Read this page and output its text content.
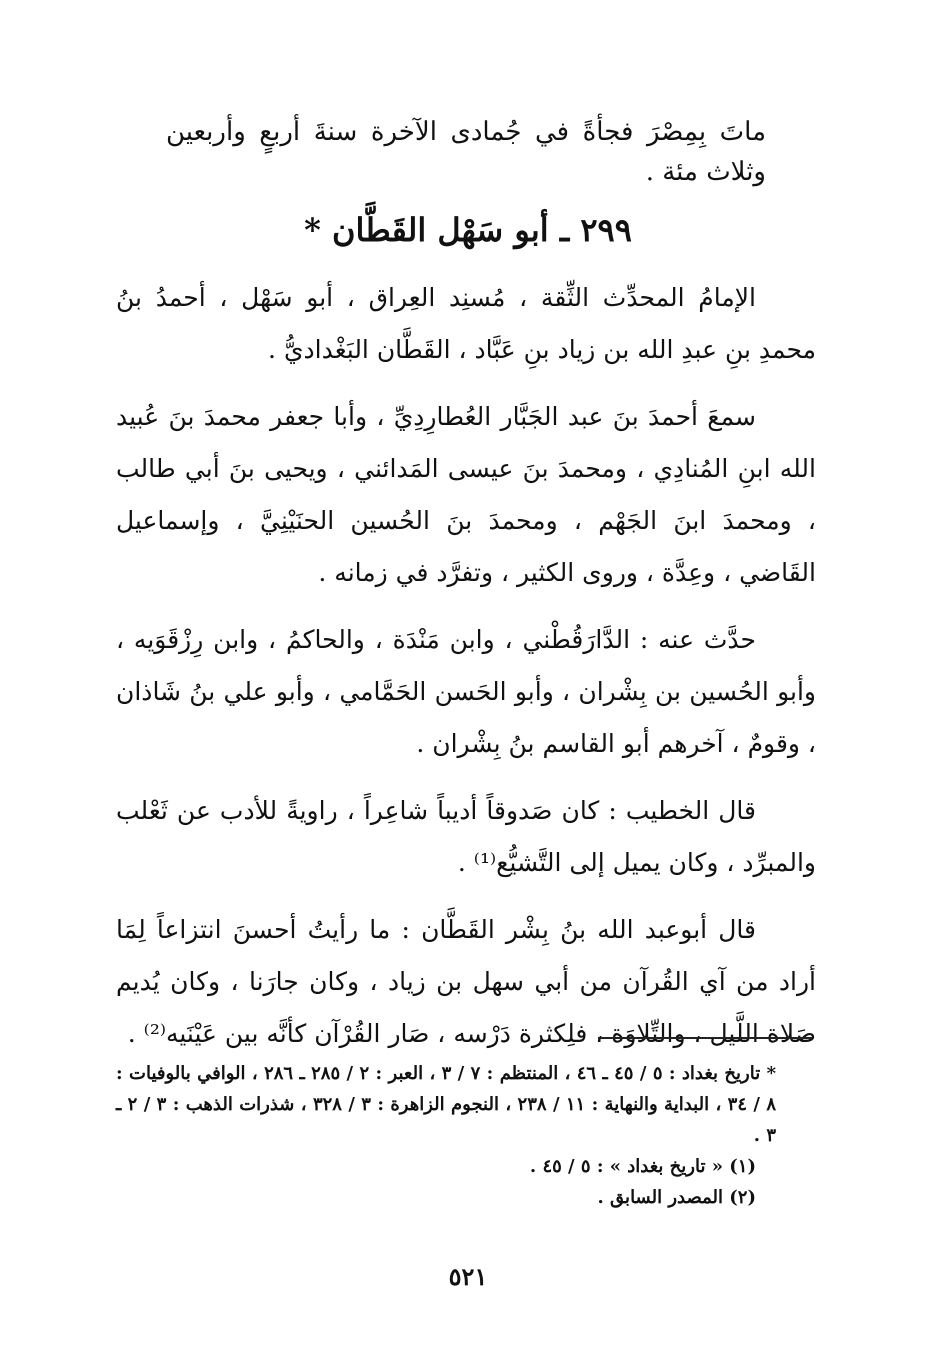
ماتَ بِمِصْرَ فجأةً في جُمادى الآخرة سنةَ أربعٍ وأربعين وثلاث مئة .
٢٩٩ ـ أبو سَهْل القَطَّان *

الإمامُ المحدِّث الثِّقة ، مُسنِد العِراق ، أبو سَهْل ، أحمدُ بنُ محمدِ بنِ عبدِ الله بن زياد بنِ عَبَّاد ، القَطَّان البَغْداديُّ .

سمعَ أحمدَ بنَ عبد الجَبَّار العُطارِدِيِّ ، وأبا جعفر محمدَ بنَ عُبيد الله ابنِ المُنادِي ، ومحمدَ بنَ عيسى المَدائني ، ويحيى بنَ أبي طالب ، ومحمدَ ابنَ الجَهْم ، ومحمدَ بنَ الحُسين الحنَيْنِيَّ ، وإسماعيل القَاضي ، وعِدَّة ، وروى الكثير ، وتفرَّد في زمانه .

حدَّث عنه : الدَّارَقُطْني ، وابن مَنْدَة ، والحاكمُ ، وابن رِزْقَوَيه ، وأبو الحُسين بن بِشْران ، وأبو الحَسن الحَمَّامي ، وأبو علي بنُ شَاذان ، وقومٌ ، آخرهم أبو القاسم بنُ بِشْران .

قال الخطيب : كان صَدوقاً أديباً شاعِراً ، راويةً للأدب عن ثَعْلب والمبرِّد ، وكان يميل إلى التَّشيُّع⁽¹⁾ .

قال أبوعبد الله بنُ بِشْر القَطَّان : ما رأيتُ أحسنَ انتزاعاً لِمَا أراد من آي القُرآن من أبي سهل بن زياد ، وكان جارَنا ، وكان يُديم صَلاة اللَّيل ، والتِّلاوَة ، فلِكثرة دَرْسه ، صَار القُرْآن كأنَّه بين عَيْنَيه⁽²⁾ .

* تاريخ بغداد : ٥ / ٤٥ ـ ٤٦ ، المنتظم : ٧ / ٣ ، العبر : ٢ / ٢٨٥ ـ ٢٨٦ ، الوافي بالوفيات : ٨ / ٣٤ ، البداية والنهاية : ١١ / ٢٣٨ ، النجوم الزاهرة : ٣ / ٣٢٨ ، شذرات الذهب : ٣ / ٢ ـ ٣ .

(١) « تاريخ بغداد » : ٥ / ٤٥ .

(٢) المصدر السابق .

٥٢١
